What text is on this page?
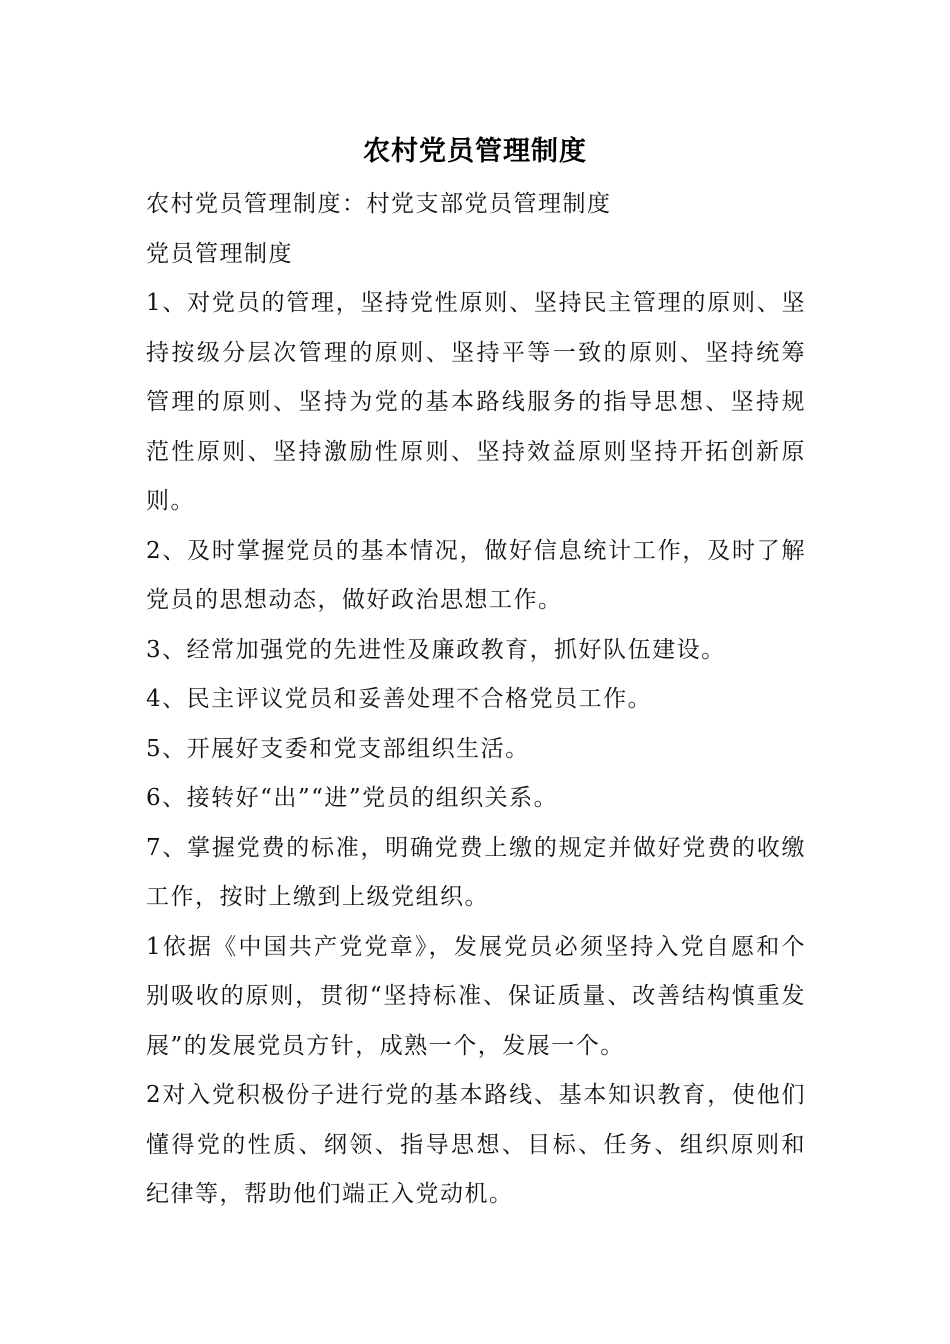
农村党员管理制度

农村党员管理制度：村党支部党员管理制度

党员管理制度

1、对党员的管理，坚持党性原则、坚持民主管理的原则、坚持按级分层次管理的原则、坚持平等一致的原则、坚持统筹管理的原则、坚持为党的基本路线服务的指导思想、坚持规范性原则、坚持激励性原则、坚持效益原则坚持开拓创新原则。

2、及时掌握党员的基本情况，做好信息统计工作，及时了解党员的思想动态，做好政治思想工作。

3、经常加强党的先进性及廉政教育，抓好队伍建设。

4、民主评议党员和妥善处理不合格党员工作。

5、开展好支委和党支部组织生活。

6、接转好“出”“进”党员的组织关系。

7、掌握党费的标准，明确党费上缴的规定并做好党费的收缴工作，按时上缴到上级党组织。

1依据《中国共产党党章》，发展党员必须坚持入党自愿和个别吸收的原则，贯彻“坚持标准、保证质量、改善结构慎重发展”的发展党员方针，成熟一个，发展一个。

2对入党积极份子进行党的基本路线、基本知识教育，使他们懂得党的性质、纲领、指导思想、目标、任务、组织原则和纪律等，帮助他们端正入党动机。
